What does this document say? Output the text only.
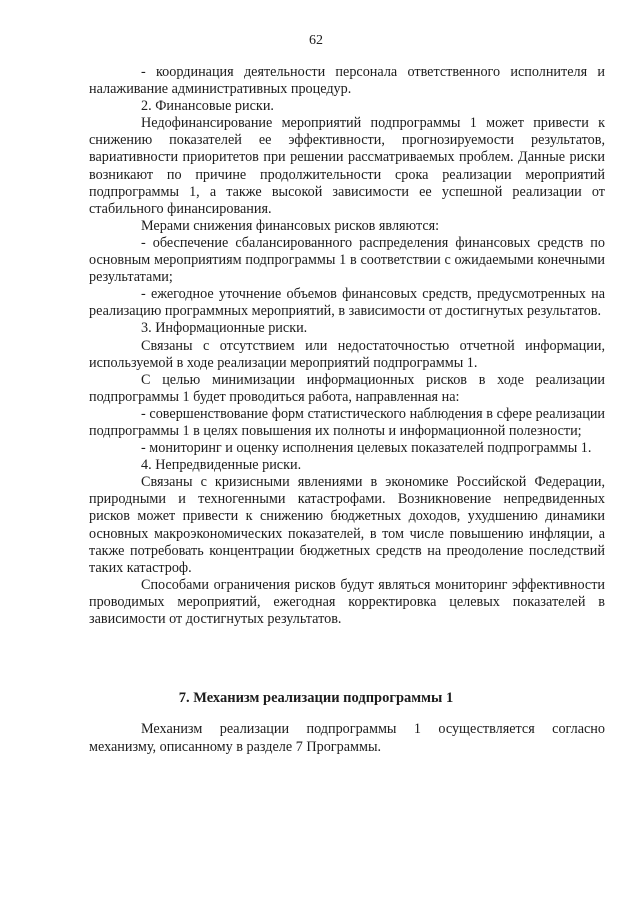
62

- координация деятельности персонала ответственного исполнителя и налаживание административных процедур.

2. Финансовые риски.

Недофинансирование мероприятий подпрограммы 1 может привести к снижению показателей ее эффективности, прогнозируемости результатов, вариативности приоритетов при решении рассматриваемых проблем. Данные риски возникают по причине продолжительности срока реализации мероприятий подпрограммы 1, а также высокой зависимости ее успешной реализации от стабильного финансирования.

Мерами снижения финансовых рисков являются:

- обеспечение сбалансированного распределения финансовых средств по основным мероприятиям подпрограммы 1 в соответствии с ожидаемыми конечными результатами;

- ежегодное уточнение объемов финансовых средств, предусмотренных на реализацию программных мероприятий, в зависимости от достигнутых результатов.

3. Информационные риски.

Связаны с отсутствием или недостаточностью отчетной информации, используемой в ходе реализации мероприятий подпрограммы 1.

С целью минимизации информационных рисков в ходе реализации подпрограммы 1 будет проводиться работа, направленная на:

- совершенствование форм статистического наблюдения в сфере реализации подпрограммы 1 в целях повышения их полноты и информационной полезности;

- мониторинг и оценку исполнения целевых показателей подпрограммы 1.

4. Непредвиденные риски.

Связаны с кризисными явлениями в экономике Российской Федерации, природными и техногенными катастрофами. Возникновение непредвиденных рисков может привести к снижению бюджетных доходов, ухудшению динамики основных макроэкономических показателей, в том числе повышению инфляции, а также потребовать концентрации бюджетных средств на преодоление последствий таких катастроф.

Способами ограничения рисков будут являться мониторинг эффективности проводимых мероприятий, ежегодная корректировка целевых показателей в зависимости от достигнутых результатов.

7. Механизм реализации подпрограммы 1

Механизм реализации подпрограммы 1 осуществляется согласно механизму, описанному в разделе 7 Программы.
